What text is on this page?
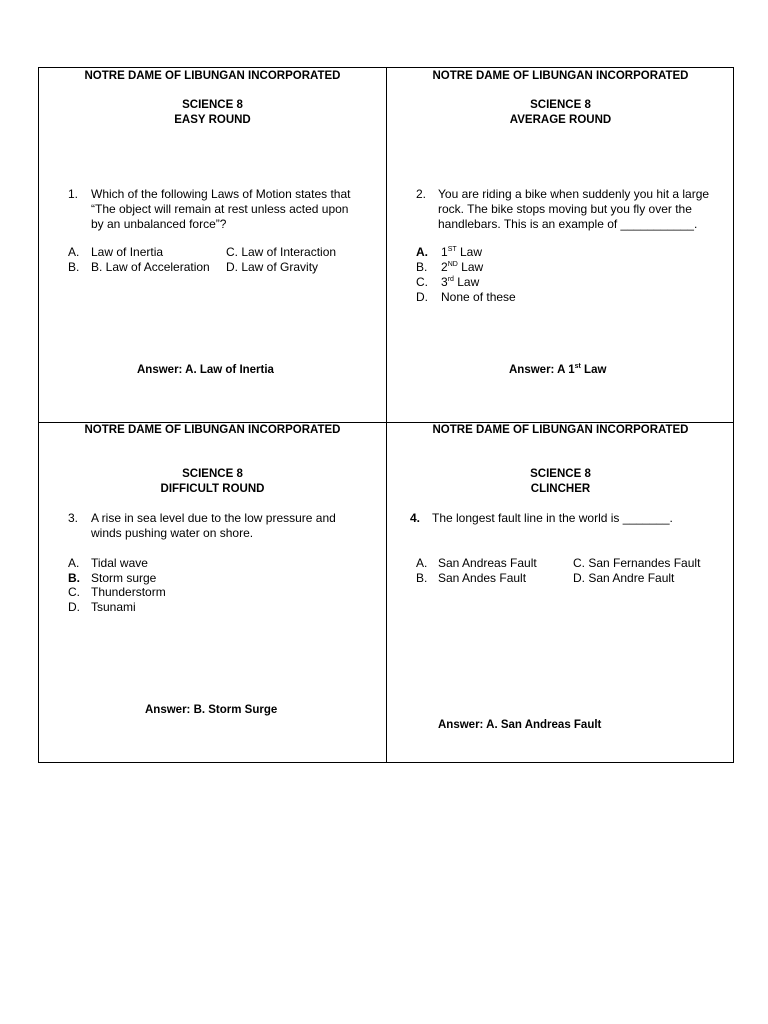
NOTRE DAME OF LIBUNGAN INCORPORATED
SCIENCE 8
EASY ROUND
1. Which of the following Laws of Motion states that
“The object will remain at rest unless acted upon
by an unbalanced force”?
A. Law of Inertia
B. B. Law of Acceleration
C. Law of Interaction
D. Law of Gravity
Answer: A. Law of Inertia
NOTRE DAME OF LIBUNGAN INCORPORATED
SCIENCE 8
AVERAGE ROUND
2. You are riding a bike when suddenly you hit a large
rock. The bike stops moving but you fly over the
handlebars. This is an example of ___________.
A. 1ST Law
B. 2ND Law
C. 3rd Law
D. None of these
Answer: A 1st Law
NOTRE DAME OF LIBUNGAN INCORPORATED
SCIENCE 8
DIFFICULT ROUND
3. A rise in sea level due to the low pressure and
winds pushing water on shore.
A. Tidal wave
B. Storm surge
C. Thunderstorm
D. Tsunami
Answer: B. Storm Surge
NOTRE DAME OF LIBUNGAN INCORPORATED
SCIENCE 8
CLINCHER
4. The longest fault line in the world is _______.
A. San Andreas Fault
B. San Andes Fault
C. San Fernandes Fault
D. San Andre Fault
Answer: A. San Andreas Fault
